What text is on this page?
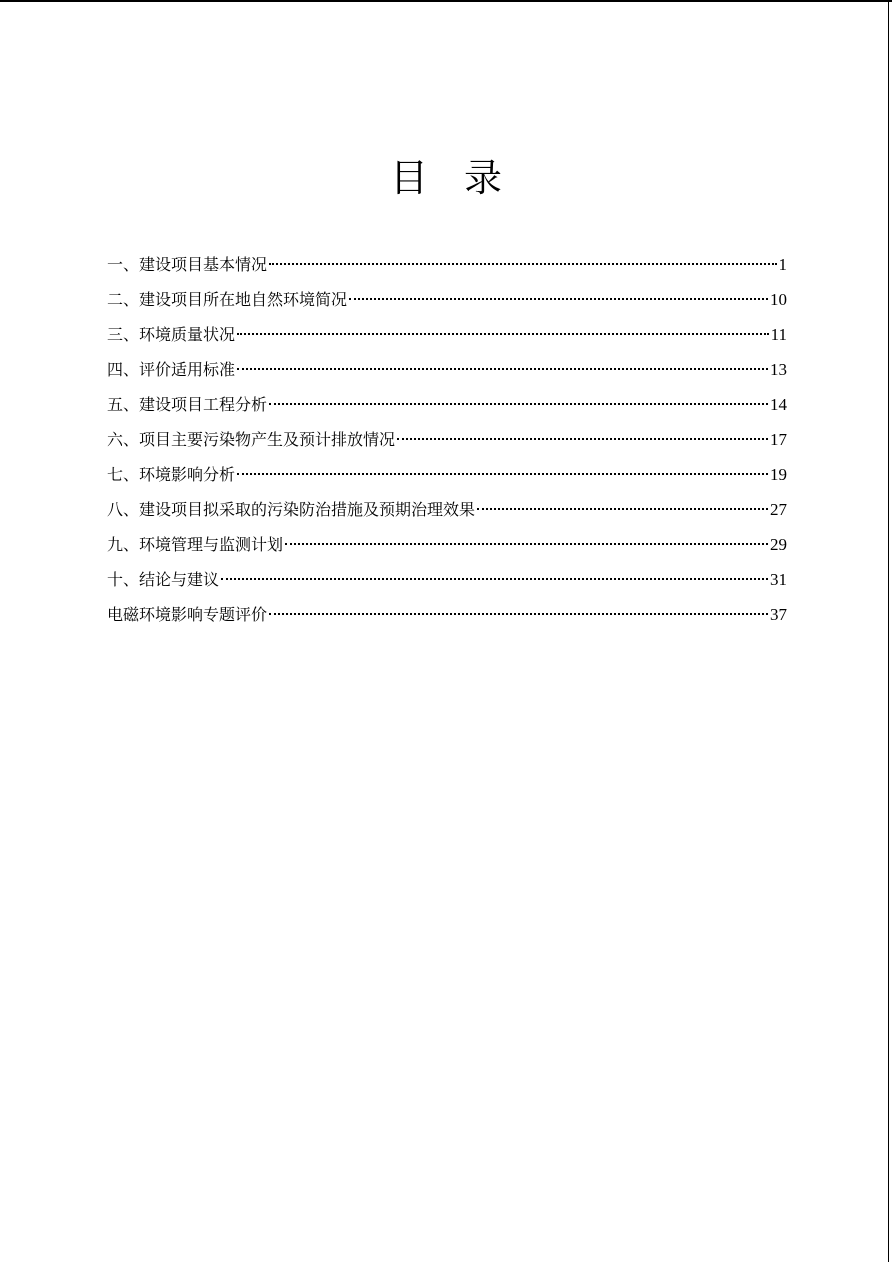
目录
一、建设项目基本情况	1
二、建设项目所在地自然环境简况	10
三、环境质量状况	11
四、评价适用标准	13
五、建设项目工程分析	14
六、项目主要污染物产生及预计排放情况	17
七、环境影响分析	19
八、建设项目拟采取的污染防治措施及预期治理效果	27
九、环境管理与监测计划	29
十、结论与建议	31
电磁环境影响专题评价	37
